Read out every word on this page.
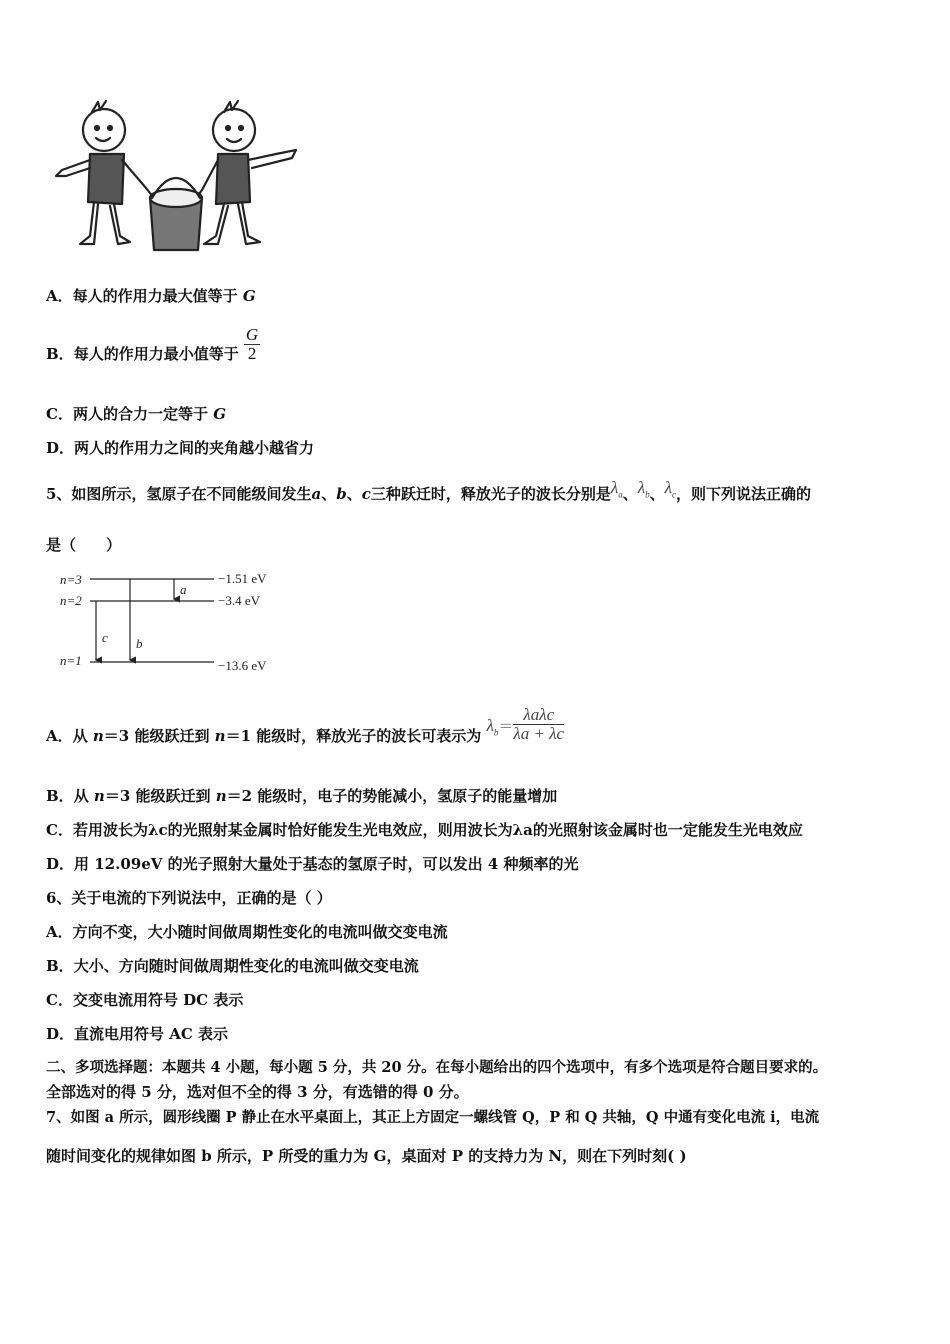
A．每人的作用力最大值等于 G
B．每人的作用力最小值等于 $\frac{G}{2}$
C．两人的合力一定等于 G
D．两人的作用力之间的夹角越小越省力
5、如图所示，氢原子在不同能级间发生a、b、c三种跃迁时，释放光子的波长分别是$\lambda_a$、$\lambda_b$、$\lambda_c$，则下列说法正确的
是（　　）
n=3
n=2
n=1
−1.51 eV
−3.4 eV
−13.6 eV
a
b
c
A．从 n＝3 能级跃迁到 n＝1 能级时，释放光子的波长可表示为 $\lambda_b= \frac{\text{λaλc}}{\lambda a + \lambda c}$
B．从 n＝3 能级跃迁到 n＝2 能级时，电子的势能减小，氢原子的能量增加
C．若用波长为λc的光照射某金属时恰好能发生光电效应，则用波长为λa的光照射该金属时也一定能发生光电效应
D．用 12.09eV 的光子照射大量处于基态的氢原子时，可以发出 4 种频率的光
6、关于电流的下列说法中，正确的是（ ）
A．方向不变，大小随时间做周期性变化的电流叫做交变电流
B．大小、方向随时间做周期性变化的电流叫做交变电流
C．交变电流用符号 DC 表示
D．直流电用符号 AC 表示
二、多项选择题：本题共 4 小题，每小题 5 分，共 20 分。在每小题给出的四个选项中，有多个选项是符合题目要求的。
全部选对的得 5 分，选对但不全的得 3 分，有选错的得 0 分。
7、如图 a 所示，圆形线圈 P 静止在水平桌面上，其正上方固定一螺线管 Q，P 和 Q 共轴，Q 中通有变化电流 i，电流
随时间变化的规律如图 b 所示，P 所受的重力为 G，桌面对 P 的支持力为 N，则在下列时刻( )
